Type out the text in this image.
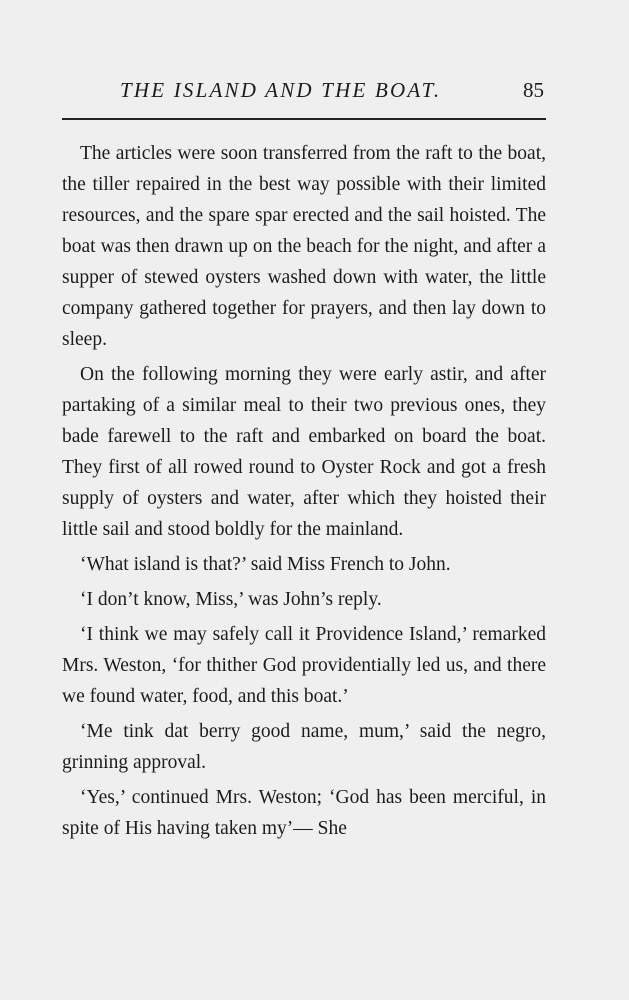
THE ISLAND AND THE BOAT.	85

The articles were soon transferred from the raft to the boat, the tiller repaired in the best way possible with their limited resources, and the spare spar erected and the sail hoisted. The boat was then drawn up on the beach for the night, and after a supper of stewed oysters washed down with water, the little company gathered together for prayers, and then lay down to sleep.

On the following morning they were early astir, and after partaking of a similar meal to their two previous ones, they bade farewell to the raft and embarked on board the boat. They first of all rowed round to Oyster Rock and got a fresh supply of oysters and water, after which they hoisted their little sail and stood boldly for the mainland.

‘What island is that?’ said Miss French to John.

‘I don’t know, Miss,’ was John’s reply.

‘I think we may safely call it Providence Island,’ remarked Mrs. Weston, ‘for thither God providentially led us, and there we found water, food, and this boat.’

‘Me tink dat berry good name, mum,’ said the negro, grinning approval.

‘Yes,’ continued Mrs. Weston; ‘God has been merciful, in spite of His having taken my’— She
